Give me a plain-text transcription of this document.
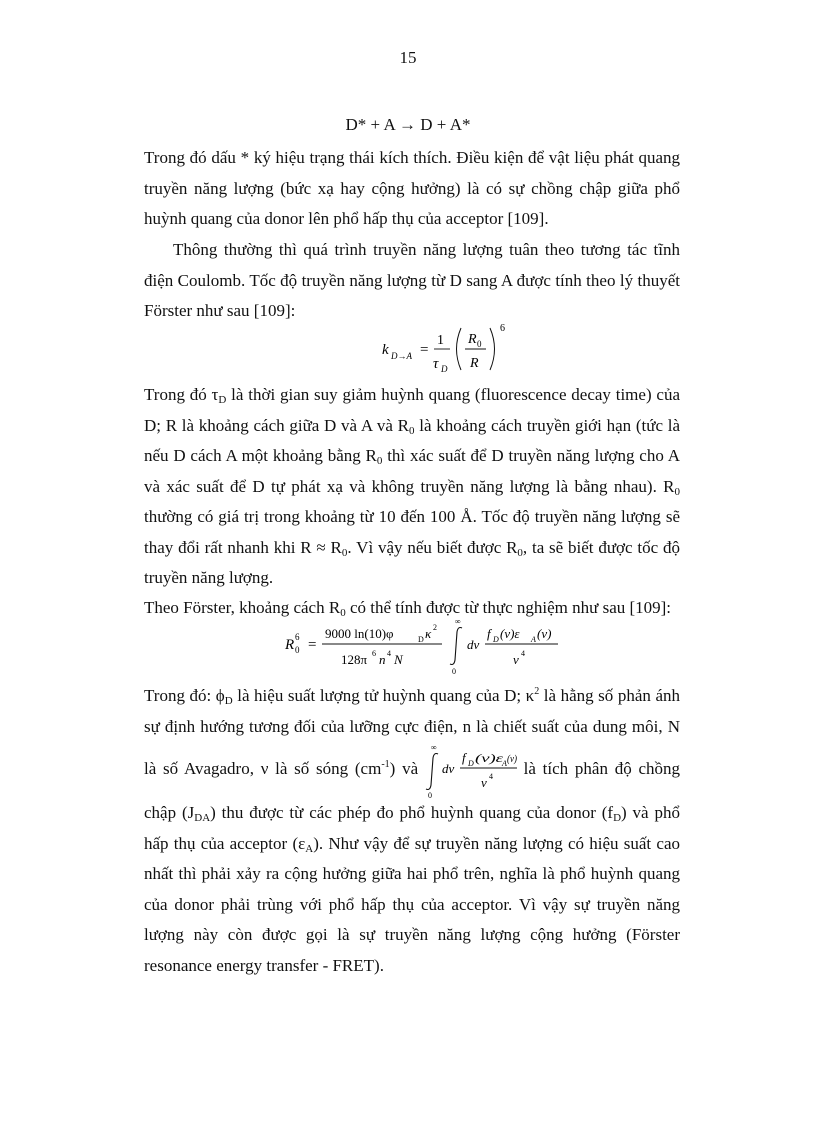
15
D* + A → D + A*

Trong đó dấu * ký hiệu trạng thái kích thích. Điều kiện để vật liệu phát quang truyền năng lượng (bức xạ hay cộng hưởng) là có sự chồng chập giữa phổ huỳnh quang của donor lên phổ hấp thụ của acceptor [109].

Thông thường thì quá trình truyền năng lượng tuân theo tương tác tĩnh điện Coulomb. Tốc độ truyền năng lượng từ D sang A được tính theo lý thuyết Förster như sau [109]:

k D→A =
1
τ D
R 0
R
6

Trong đó $\tau_D$ là thời gian suy giảm huỳnh quang (fluorescence decay time) của D; R là khoảng cách giữa D và A và $R_0$ là khoảng cách truyền giới hạn (tức là nếu D cách A một khoảng bằng $R_0$ thì xác suất để D truyền năng lượng cho A và xác suất để D tự phát xạ và không truyền năng lượng là bằng nhau). $R_0$ thường có giá trị trong khoảng từ 10 đến 100 Å. Tốc độ truyền năng lượng sẽ thay đổi rất nhanh khi $R \approx R_0$. Vì vậy nếu biết được $R_0$, ta sẽ biết được tốc độ truyền năng lượng.

Theo Förster, khoảng cách $R_0$ có thể tính được từ thực nghiệm như sau [109]:

R 0
6 =
9000 ln(10)φ	D κ 2
128π 6 n 4 N
∞
0
dν
f D (ν)ε A (ν)
ν 4

Trong đó: $\phi_D$ là hiệu suất lượng tử huỳnh quang của D; $\kappa^2$ là hằng số phản ánh sự định hướng tương đối của lưỡng cực điện, n là chiết suất của dung môi, N là số Avagadro, ν là số sóng $(cm^{-1})$ và
∞
0
dν
f D (ν)ε
A (ν)
ν 4 là tích phân độ chồng chập $(J_{DA})$ thu được từ các phép đo phổ huỳnh quang của donor $(f_D)$ và phổ hấp thụ của acceptor $(\varepsilon_A)$. Như vậy để sự truyền năng lượng có hiệu suất cao nhất thì phải xảy ra cộng hưởng giữa hai phổ trên, nghĩa là phổ huỳnh quang của donor phải trùng với phổ hấp thụ của acceptor. Vì vậy sự truyền năng lượng này còn được gọi là sự truyền năng lượng cộng hưởng (Förster resonance energy transfer - FRET).
